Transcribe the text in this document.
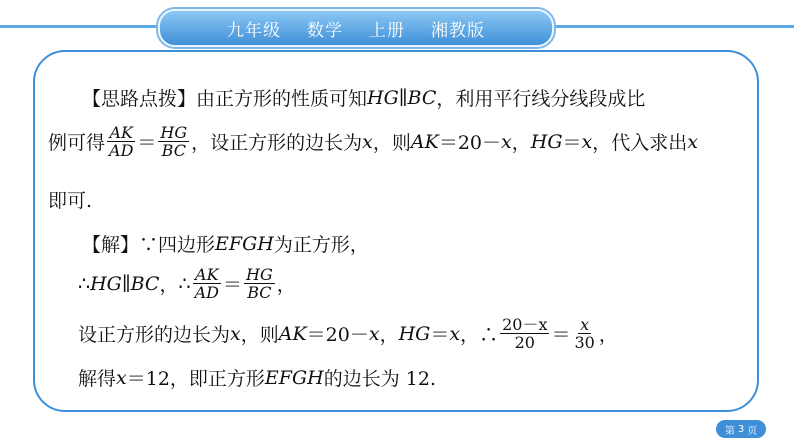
九年级 数学 上册 湘教版
【思路点拨】 由正方形的性质可知 HG∥BC ，利用平行线分线段成比
例可得 $\frac{AK}{AD} = \frac{HG}{BC}$ ，设正方形的边长为 x ，则 AK ＝20－ x ， HG ＝ x ，代入求出 x
即可.
【解】 ∵四边形 EFGH 为正方形，
∴ HG∥BC ， ∴ $\frac{AK}{AD} = \frac{HG}{BC}$ ，
设正方形的边长为 x ，则 AK ＝20－ x ， HG ＝ x ，∴ $\frac{20-x}{20} = \frac{x}{30}$ ，
解得 x ＝12，即正方形 EFGH 的边长为 12.
第 3 页
